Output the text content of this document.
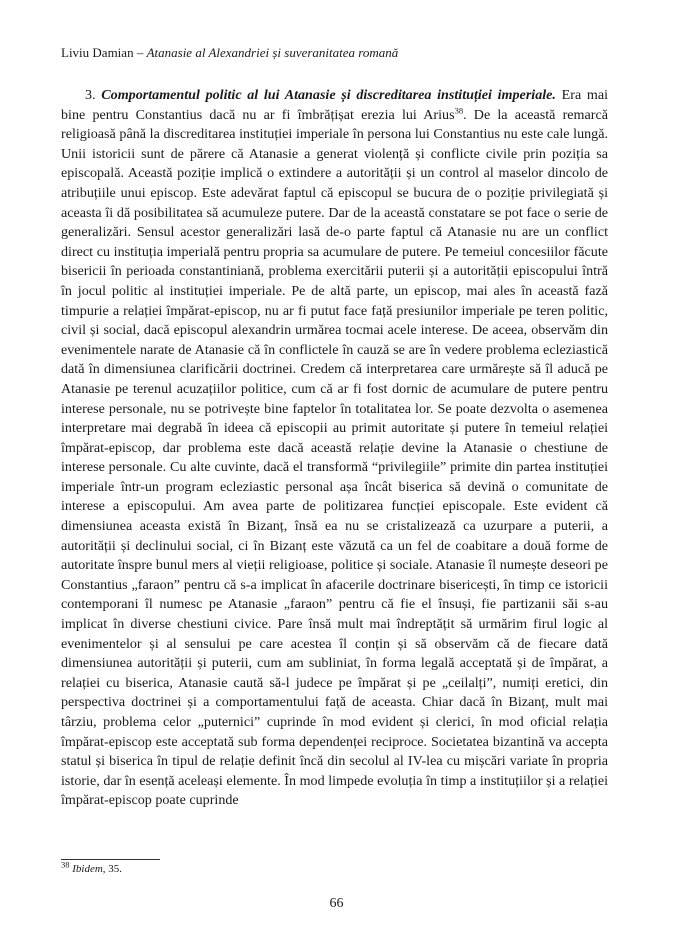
Liviu Damian – Atanasie al Alexandriei și suveranitatea romană

3. Comportamentul politic al lui Atanasie și discreditarea instituției imperiale. Era mai bine pentru Constantius dacă nu ar fi îmbrățișat erezia lui Arius$^{38}$. De la această remarcă religioasă până la discreditarea instituției imperiale în persona lui Constantius nu este cale lungă. Unii istoricii sunt de părere că Atanasie a generat violență și conflicte civile prin poziția sa episcopală. Această poziție implică o extindere a autorității și un control al maselor dincolo de atribuțiile unui episcop. Este adevărat faptul că episcopul se bucura de o poziție privilegiată și aceasta îi dă posibilitatea să acumuleze putere. Dar de la această constatare se pot face o serie de generalizări. Sensul acestor generalizări lasă de-o parte faptul că Atanasie nu are un conflict direct cu instituția imperială pentru propria sa acumulare de putere. Pe temeiul concesiilor făcute bisericii în perioada constantiniană, problema exercitării puterii și a autorității episcopului întră în jocul politic al instituției imperiale. Pe de altă parte, un episcop, mai ales în această fază timpurie a relației împărat-episcop, nu ar fi putut face față presiunilor imperiale pe teren politic, civil și social, dacă episcopul alexandrin urmărea tocmai acele interese. De aceea, observăm din evenimentele narate de Atanasie că în conflictele în cauză se are în vedere problema ecleziastică dată în dimensiunea clarificării doctrinei. Credem că interpretarea care urmărește să îl aducă pe Atanasie pe terenul acuzațiilor politice, cum că ar fi fost dornic de acumulare de putere pentru interese personale, nu se potrivește bine faptelor în totalitatea lor. Se poate dezvolta o asemenea interpretare mai degrabă în ideea că episcopii au primit autoritate și putere în temeiul relației împărat-episcop, dar problema este dacă această relație devine la Atanasie o chestiune de interese personale. Cu alte cuvinte, dacă el transformă “privilegiile” primite din partea instituției imperiale într-un program ecleziastic personal așa încât biserica să devină o comunitate de interese a episcopului. Am avea parte de politizarea funcției episcopale. Este evident că dimensiunea aceasta există în Bizanț, însă ea nu se cristalizează ca uzurpare a puterii, a autorității și declinului social, ci în Bizanț este văzută ca un fel de coabitare a două forme de autoritate înspre bunul mers al vieții religioase, politice și sociale. Atanasie îl numește deseori pe Constantius „faraon” pentru că s-a implicat în afacerile doctrinare bisericești, în timp ce istoricii contemporani îl numesc pe Atanasie „faraon” pentru că fie el însuși, fie partizanii săi s-au implicat în diverse chestiuni civice. Pare însă mult mai îndreptățit să urmărim firul logic al evenimentelor și al sensului pe care acestea îl conțin și să observăm că de fiecare dată dimensiunea autorității și puterii, cum am subliniat, în forma legală acceptată și de împărat, a relației cu biserica, Atanasie caută să-l judece pe împărat și pe „ceilalți”, numiți eretici, din perspectiva doctrinei și a comportamentului față de aceasta. Chiar dacă în Bizanț, mult mai târziu, problema celor „puternici” cuprinde în mod evident și clerici, în mod oficial relația împărat-episcop este acceptată sub forma dependenței reciproce. Societatea bizantină va accepta statul și biserica în tipul de relație definit încă din secolul al IV-lea cu mișcări variate în propria istorie, dar în esență aceleași elemente. În mod limpede evoluția în timp a instituțiilor și a relației împărat-episcop poate cuprinde

$^{38}$ Ibidem, 35.
66
